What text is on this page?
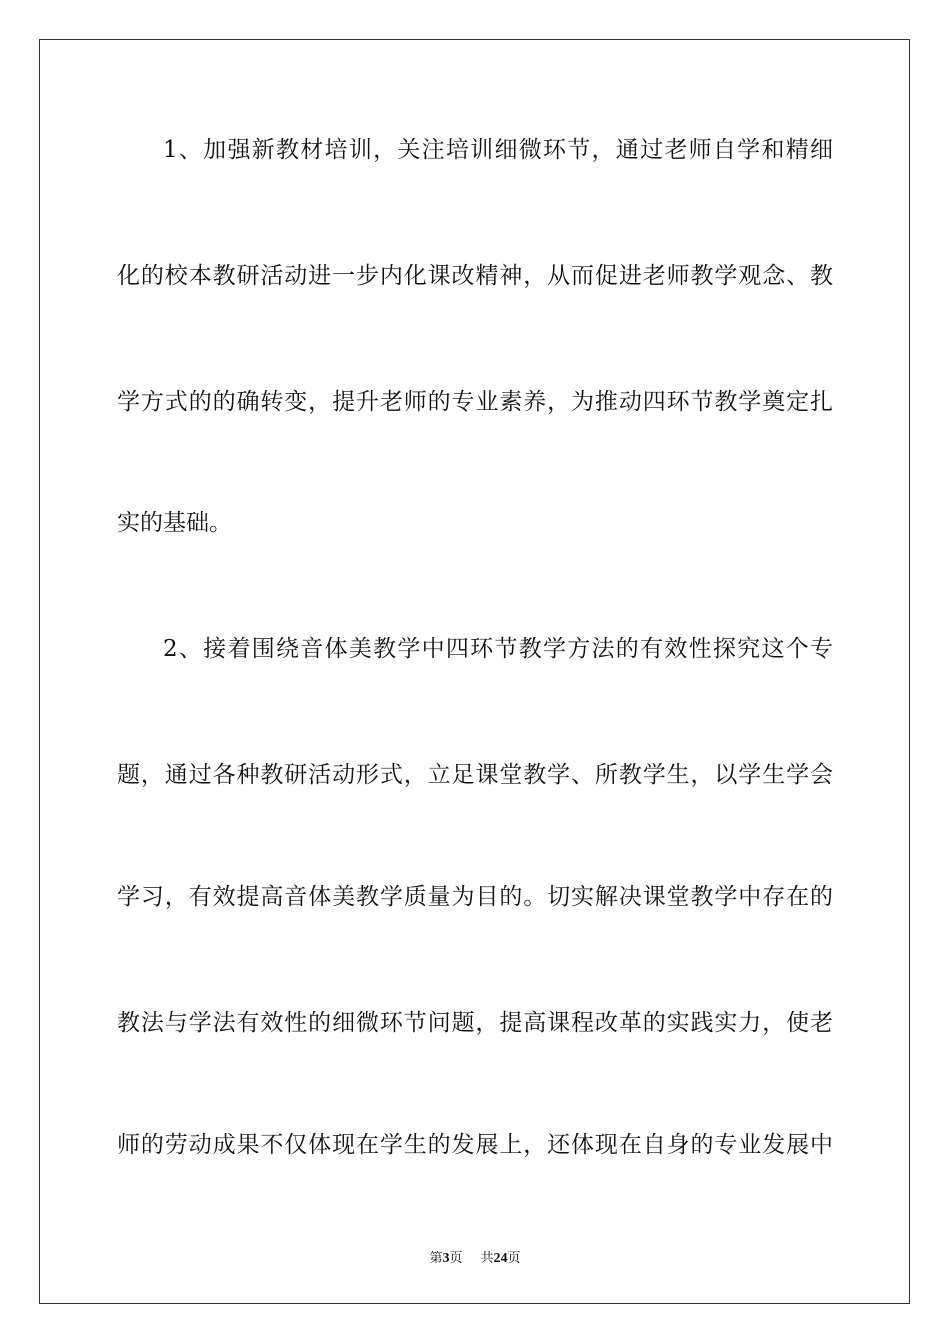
1、加强新教材培训，关注培训细微环节，通过老师自学和精细
化的校本教研活动进一步内化课改精神，从而促进老师教学观念、教
学方式的的确转变，提升老师的专业素养，为推动四环节教学奠定扎
实的基础。
2、接着围绕音体美教学中四环节教学方法的有效性探究这个专
题，通过各种教研活动形式，立足课堂教学、所教学生，以学生学会
学习，有效提高音体美教学质量为目的。切实解决课堂教学中存在的
教法与学法有效性的细微环节问题，提高课程改革的实践实力，使老
师的劳动成果不仅体现在学生的发展上，还体现在自身的专业发展中
第3页 共24页
